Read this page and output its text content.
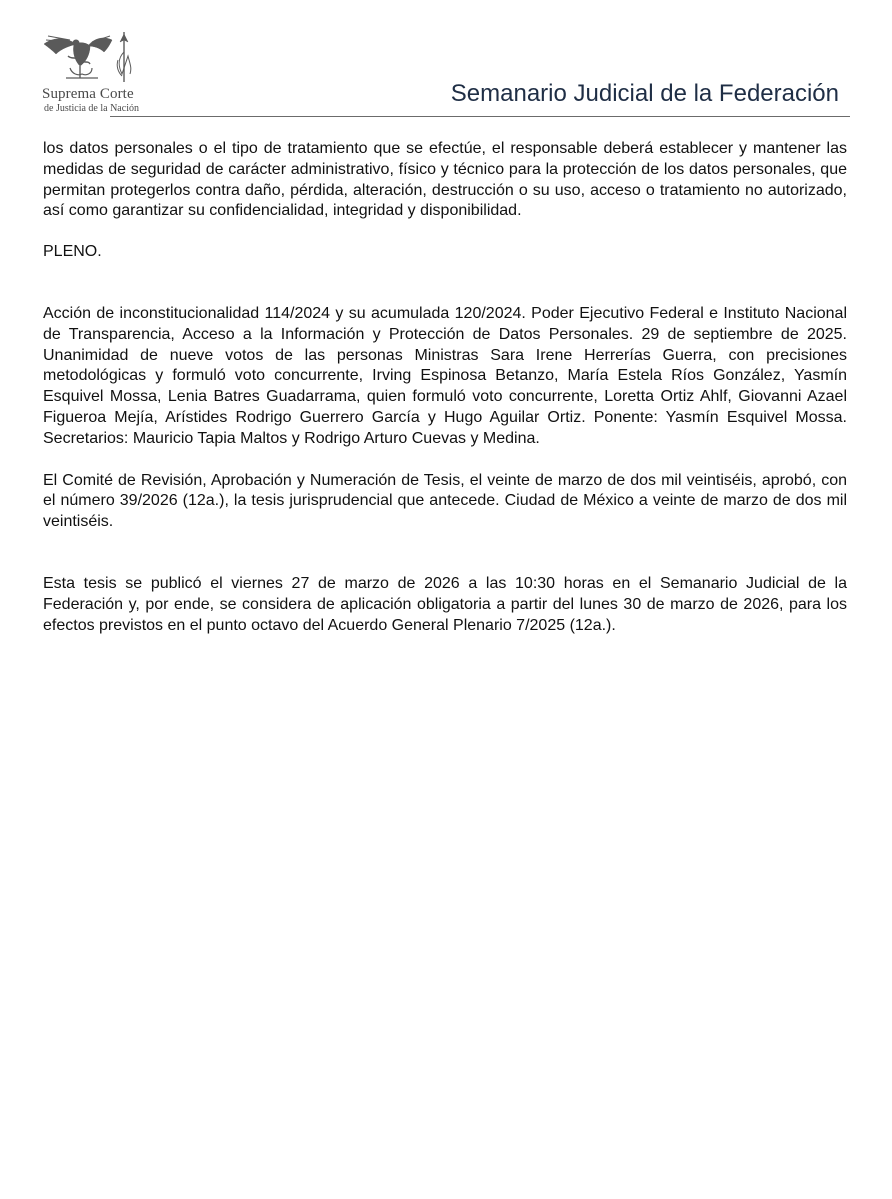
Suprema Corte
de Justicia de la Nación
Semanario Judicial de la Federación

los datos personales o el tipo de tratamiento que se efectúe, el responsable deberá establecer y mantener las medidas de seguridad de carácter administrativo, físico y técnico para la protección de los datos personales, que permitan protegerlos contra daño, pérdida, alteración, destrucción o su uso, acceso o tratamiento no autorizado, así como garantizar su confidencialidad, integridad y disponibilidad.

PLENO.

Acción de inconstitucionalidad 114/2024 y su acumulada 120/2024. Poder Ejecutivo Federal e Instituto Nacional de Transparencia, Acceso a la Información y Protección de Datos Personales. 29 de septiembre de 2025. Unanimidad de nueve votos de las personas Ministras Sara Irene Herrerías Guerra, con precisiones metodológicas y formuló voto concurrente, Irving Espinosa Betanzo, María Estela Ríos González, Yasmín Esquivel Mossa, Lenia Batres Guadarrama, quien formuló voto concurrente, Loretta Ortiz Ahlf, Giovanni Azael Figueroa Mejía, Arístides Rodrigo Guerrero García y Hugo Aguilar Ortiz. Ponente: Yasmín Esquivel Mossa. Secretarios: Mauricio Tapia Maltos y Rodrigo Arturo Cuevas y Medina.

El Comité de Revisión, Aprobación y Numeración de Tesis, el veinte de marzo de dos mil veintiséis, aprobó, con el número 39/2026 (12a.), la tesis jurisprudencial que antecede. Ciudad de México a veinte de marzo de dos mil veintiséis.

Esta tesis se publicó el viernes 27 de marzo de 2026 a las 10:30 horas en el Semanario Judicial de la Federación y, por ende, se considera de aplicación obligatoria a partir del lunes 30 de marzo de 2026, para los efectos previstos en el punto octavo del Acuerdo General Plenario 7/2025 (12a.).
